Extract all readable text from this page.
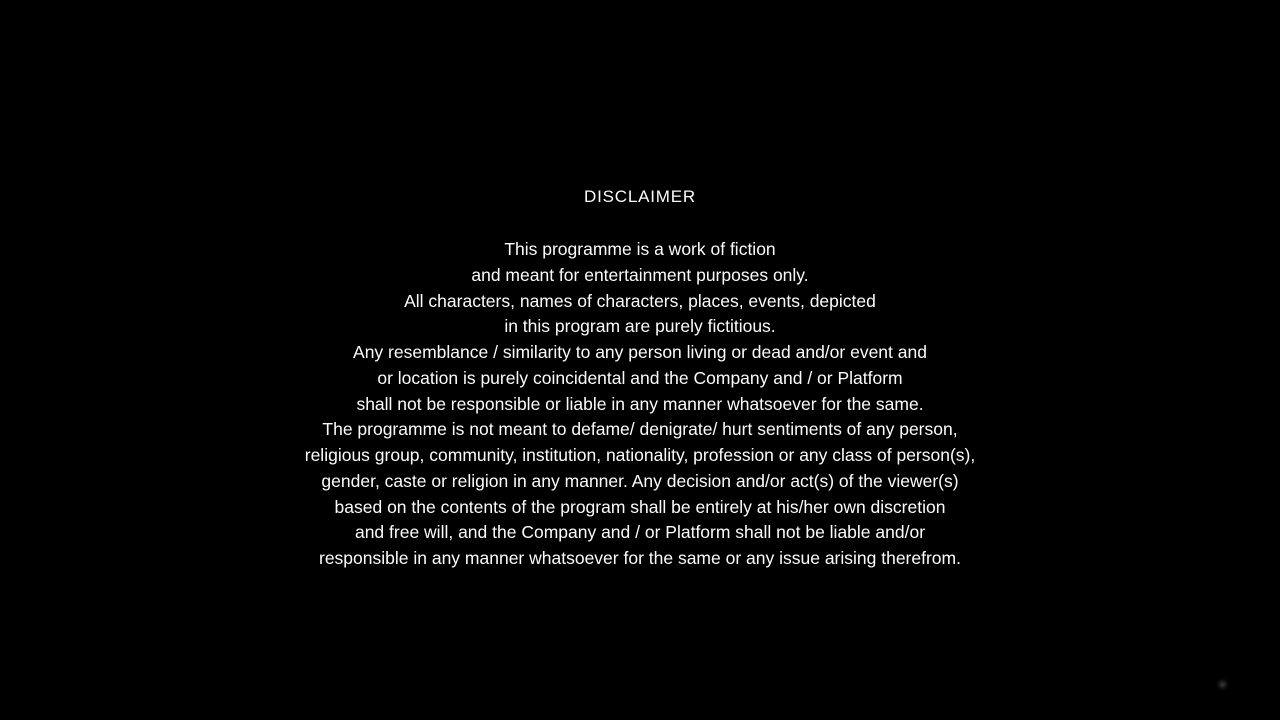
DISCLAIMER
This programme is a work of fiction
and meant for entertainment purposes only.
All characters, names of characters, places, events, depicted
in this program are purely fictitious.
Any resemblance / similarity to any person living or dead and/or event and
or location is purely coincidental and the Company and / or Platform
shall not be responsible or liable in any manner whatsoever for the same.
The programme is not meant to defame/ denigrate/ hurt sentiments of any person,
religious group, community, institution, nationality, profession or any class of person(s),
gender, caste or religion in any manner. Any decision and/or act(s) of the viewer(s)
based on the contents of the program shall be entirely at his/her own discretion
and free will, and the Company and / or Platform shall not be liable and/or
responsible in any manner whatsoever for the same or any issue arising therefrom.
